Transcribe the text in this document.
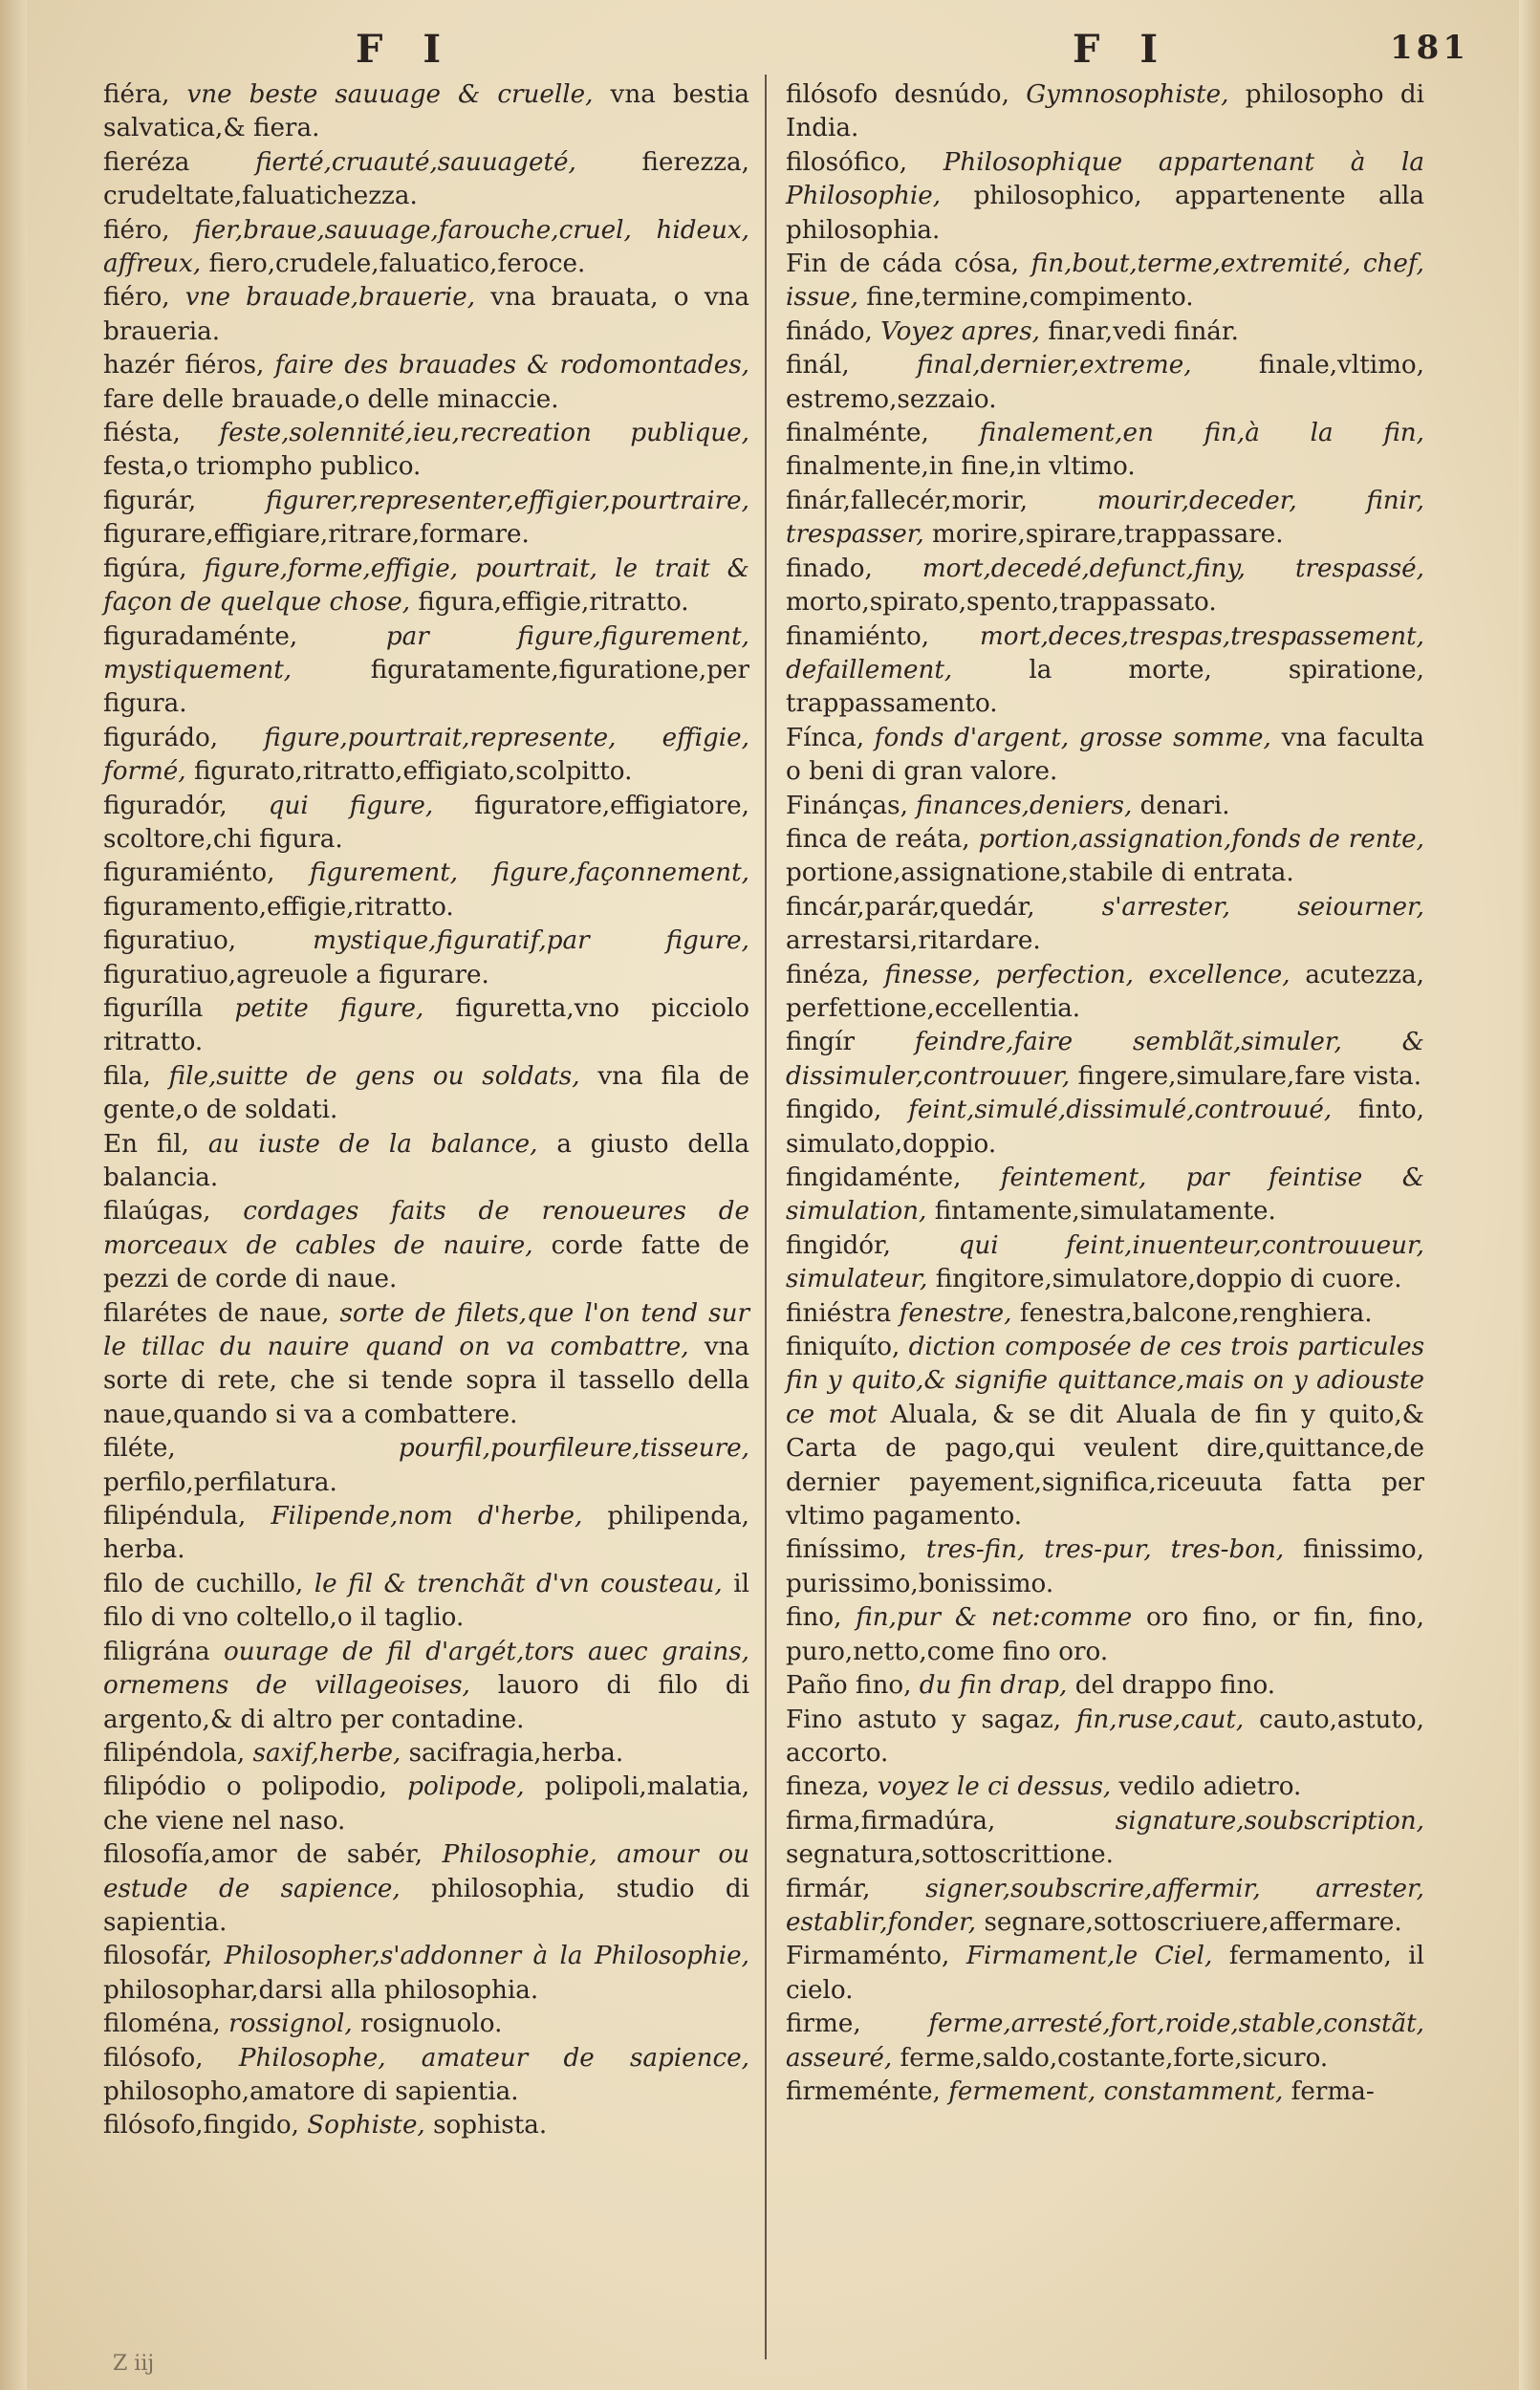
F I	F I	181
fiéra, vne beste sauuage & cruelle, vna bestia salvatica,& fiera.
fieréza	fierté,cruauté,sauuageté,	fierezza, crudeltate,faluatichezza.
fiéro, fier,braue,sauuage,farouche,cruel, hideux, affreux, fiero,crudele,faluatico,feroce.
fiéro, vne brauade,brauerie, vna brauata, o vna braueria.
hazér fiéros, faire des brauades & rodomontades, fare delle brauade,o delle minaccie.
fiésta, feste,solennité,ieu,recreation publique, festa,o triompho publico.
figurár,	figurer,representer,effigier,pourtraire, figurare,effigiare,ritrare,formare.
figúra, figure,forme,effigie, pourtrait, le trait & façon de quelque chose, figura,effigie,ritratto.
figuradaménte,	par figure,figurement, mystiquement,	figuratamente,figuratione,per figura.
figurádo, figure,pourtrait,represente, effigie, formé, figurato,ritratto,effigiato,scolpitto.
figuradór, qui figure, figuratore,effigiatore, scoltore,chi figura.
figuramiénto, figurement, figure,façonnement, figuramento,effigie,ritratto.
figuratiuo,	mystique,figuratif,par figure, figuratiuo,agreuole a figurare.
figurílla petite figure, figuretta,vno picciolo ritratto.
fila, file,suitte de gens ou soldats, vna fila de gente,o de soldati.
En fil, au iuste de la balance, a giusto della balancia.
filaúgas, cordages faits de renoueures de morceaux de cables de nauire, corde fatte de pezzi de corde di naue.
filarétes de naue, sorte de filets,que l'on tend sur le tillac du nauire quand on va combattre, vna sorte di rete, che si tende sopra il tassello della naue,quando si va a combattere.
filéte,	pourfil,pourfileure,tisseure, perfilo,perfilatura.
filipéndula, Filipende,nom d'herbe, philipenda, herba.
filo de cuchillo, le fil & trenchãt d'vn cousteau, il filo di vno coltello,o il taglio.
filigrána ouurage de fil d'argét,tors auec grains, ornemens de villageoises, lauoro di filo di argento,& di altro per contadine.
filipéndola, saxif,herbe, sacifragia,herba.
filipódio o polipodio, polipode, polipoli,malatia, che viene nel naso.
filosofía,amor de sabér, Philosophie, amour ou estude de sapience, philosophia, studio di sapientia.
filosofár, Philosopher,s'addonner à la Philosophie, philosophar,darsi alla philosophia.
filoména, rossignol, rosignuolo.
filósofo, Philosophe, amateur de sapience, philosopho,amatore di sapientia.
filósofo,fingido, Sophiste, sophista.
filósofo desnúdo, Gymnosophiste, philosopho di India.
filosófico, Philosophique appartenant à la Philosophie, philosophico, appartenente alla philosophia.
Fin de cáda cósa, fin,bout,terme,extremité, chef, issue, fine,termine,compimento.
finádo, Voyez apres, finar,vedi finár.
finál,	final,dernier,extreme,	finale,vltimo, estremo,sezzaio.
finalménte, finalement,en fin,à la fin, finalmente,in fine,in vltimo.
finár,fallecér,morir,	mourir,deceder, finir, trespasser, morire,spirare,trappassare.
finado, mort,decedé,defunct,finy, trespassé, morto,spirato,spento,trappassato.
finamiénto, mort,deces,trespas,trespassement, defaillement,	la morte, spiratione, trappassamento.
Fínca, fonds d'argent, grosse somme, vna faculta o beni di gran valore.
Finánças, finances,deniers, denari.
finca de reáta, portion,assignation,fonds de rente, portione,assignatione,stabile di entrata.
fincár,parár,quedár,	s'arrester, seiourner, arrestarsi,ritardare.
finéza, finesse, perfection, excellence, acutezza, perfettione,eccellentia.
fingír feindre,faire semblãt,simuler, & dissimuler,controuuer, fingere,simulare,fare vista.
fingido, feint,simulé,dissimulé,controuué, finto, simulato,doppio.
fingidaménte, feintement, par feintise & simulation, fintamente,simulatamente.
fingidór,	qui feint,inuenteur,controuueur, simulateur, fingitore,simulatore,doppio di cuore.
finiéstra fenestre, fenestra,balcone,renghiera.
finiquíto, diction composée de ces trois particules fin y quito,& signifie quittance,mais on y adiouste ce mot Aluala, & se dit Aluala de fin y quito,& Carta de pago,qui veulent dire,quittance,de dernier payement,significa,riceuuta fatta per vltimo pagamento.
finíssimo, tres-fin, tres-pur, tres-bon, finissimo, purissimo,bonissimo.
fino, fin,pur & net:comme oro fino, or fin, fino, puro,netto,come fino oro.
Paño fino, du fin drap, del drappo fino.
Fino astuto y sagaz, fin,ruse,caut, cauto,astuto, accorto.
fineza, voyez le ci dessus, vedilo adietro.
firma,firmadúra,	signature,soubscription, segnatura,sottoscrittione.
firmár, signer,soubscrire,affermir, arrester, establir,fonder, segnare,sottoscriuere,affermare.
Firmaménto, Firmament,le Ciel, fermamento, il cielo.
firme,	ferme,arresté,fort,roide,stable,constãt, asseuré, ferme,saldo,costante,forte,sicuro.
firmeménte, fermement, constamment, ferma-
Z iij
